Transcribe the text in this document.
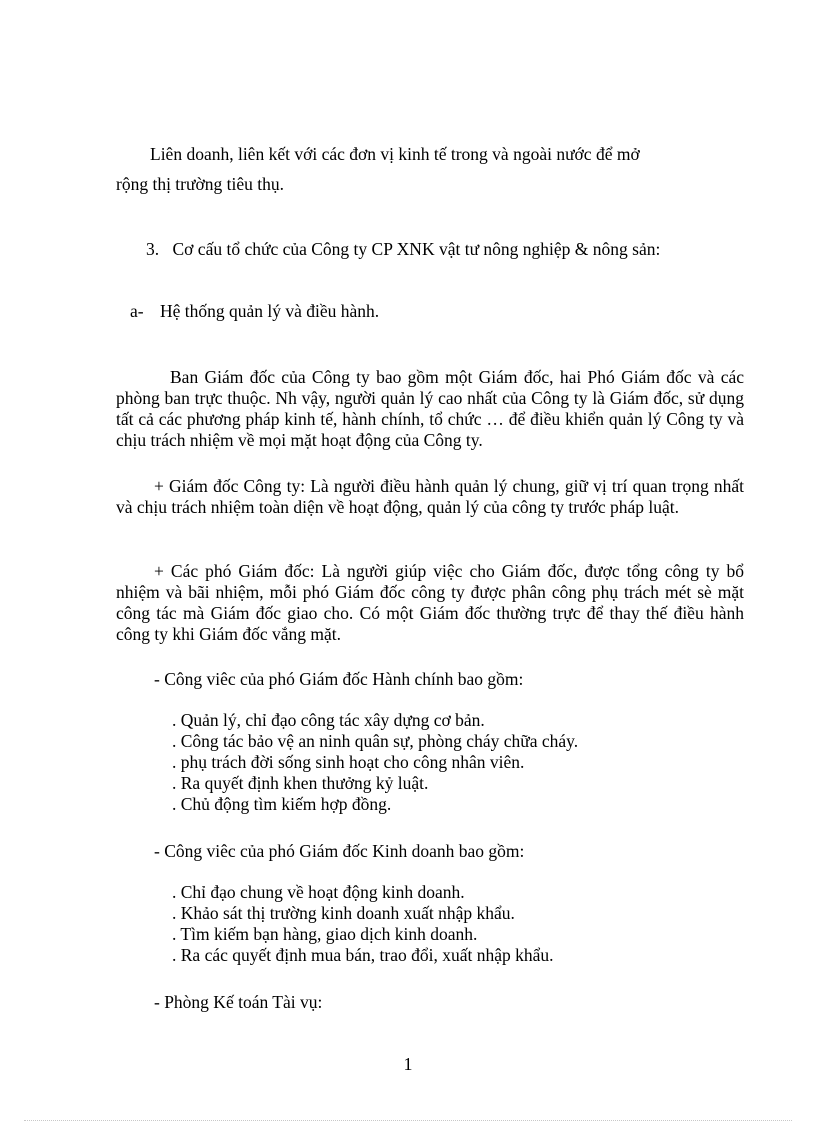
Liên doanh, liên kết với các đơn vị kinh tế trong và ngoài nước để mở
rộng thị trường tiêu thụ.

3. Cơ cấu tổ chức của Công ty CP XNK vật tư nông nghiệp & nông sản:
a- Hệ thống quản lý và điều hành.

Ban Giám đốc của Công ty bao gồm một Giám đốc, hai Phó Giám đốc và các phòng ban trực thuộc. Nh vậy, người quản lý cao nhất của Công ty là Giám đốc, sử dụng tất cả các phương pháp kinh tế, hành chính, tổ chức … để điều khiển quản lý Công ty và chịu trách nhiệm về mọi mặt hoạt động của Công ty.

+ Giám đốc Công ty: Là người điều hành quản lý chung, giữ vị trí quan trọng nhất và chịu trách nhiệm toàn diện về hoạt động, quản lý của công ty trước pháp luật.

+ Các phó Giám đốc: Là người giúp việc cho Giám đốc, được tổng công ty bổ nhiệm và bãi nhiệm, mỗi phó Giám đốc công ty được phân công phụ trách mét sè mặt công tác mà Giám đốc giao cho. Có một Giám đốc thường trực để thay thế điều hành công ty khi Giám đốc vắng mặt.

- Công viêc của phó Giám đốc Hành chính bao gồm:
. Quản lý, chỉ đạo công tác xây dựng cơ bản.
. Công tác bảo vệ an ninh quân sự, phòng cháy chữa cháy.
. phụ trách đời sống sinh hoạt cho công nhân viên.
. Ra quyết định khen thưởng kỷ luật.
. Chủ động tìm kiếm hợp đồng.
- Công viêc của phó Giám đốc Kinh doanh bao gồm:
. Chỉ đạo chung về hoạt động kinh doanh.
. Khảo sát thị trường kinh doanh xuất nhập khẩu.
. Tìm kiếm bạn hàng, giao dịch kinh doanh.
. Ra các quyết định mua bán, trao đổi, xuất nhập khẩu.
- Phòng Kế toán Tài vụ:
1
